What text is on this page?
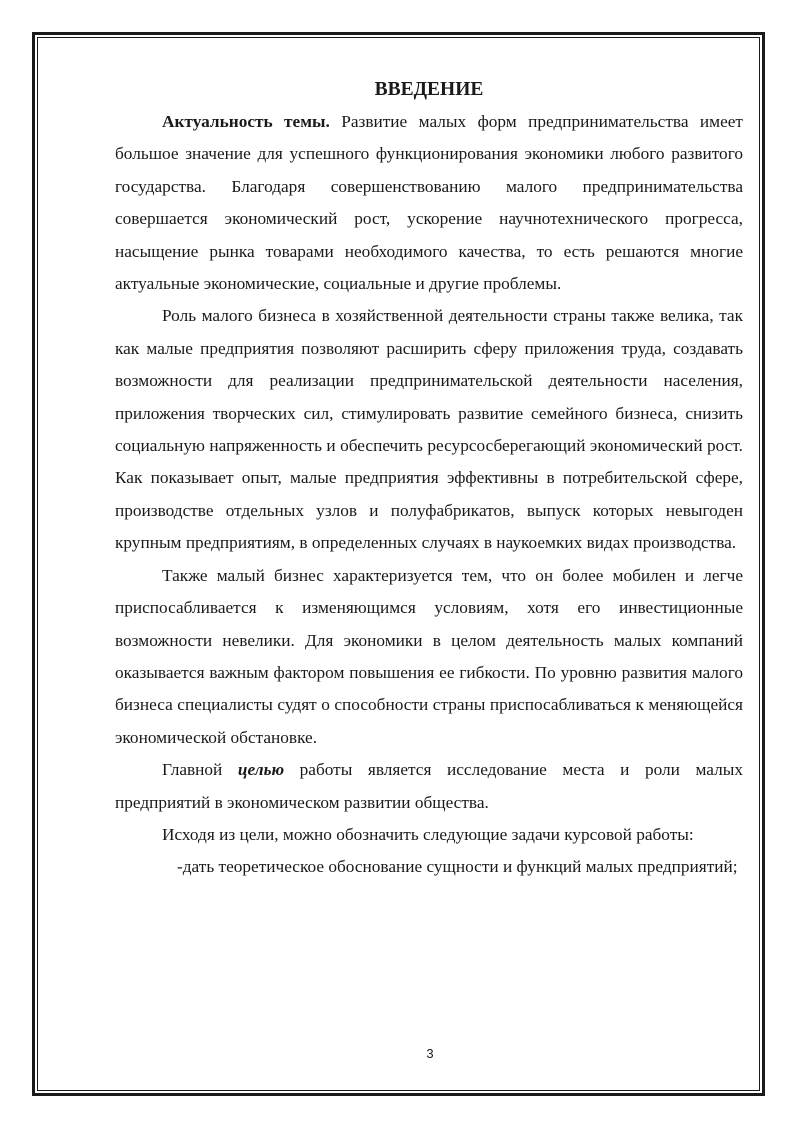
ВВЕДЕНИЕ

Актуальность темы. Развитие малых форм предпринимательства имеет большое значение для успешного функционирования экономики любого развитого государства. Благодаря совершенствованию малого предпринимательства совершается экономический рост, ускорение научнотехнического прогресса, насыщение рынка товарами необходимого качества, то есть решаются многие актуальные экономические, социальные и другие проблемы.

Роль малого бизнеса в хозяйственной деятельности страны также велика, так как малые предприятия позволяют расширить сферу приложения труда, создавать возможности для реализации предпринимательской деятельности населения, приложения творческих сил, стимулировать развитие семейного бизнеса, снизить социальную напряженность и обеспечить ресурсосберегающий экономический рост. Как показывает опыт, малые предприятия эффективны в потребительской сфере, производстве отдельных узлов и полуфабрикатов, выпуск которых невыгоден крупным предприятиям, в определенных случаях в наукоемких видах производства.

Также малый бизнес характеризуется тем, что он более мобилен и легче приспосабливается к изменяющимся условиям, хотя его инвестиционные возможности невелики. Для экономики в целом деятельность малых компаний оказывается важным фактором повышения ее гибкости. По уровню развития малого бизнеса специалисты судят о способности страны приспосабливаться к меняющейся экономической обстановке.

Главной целью работы является исследование места и роли малых предприятий в экономическом развитии общества.

Исходя из цели, можно обозначить следующие задачи курсовой работы:

-дать теоретическое обоснование сущности и функций малых предприятий;

3
